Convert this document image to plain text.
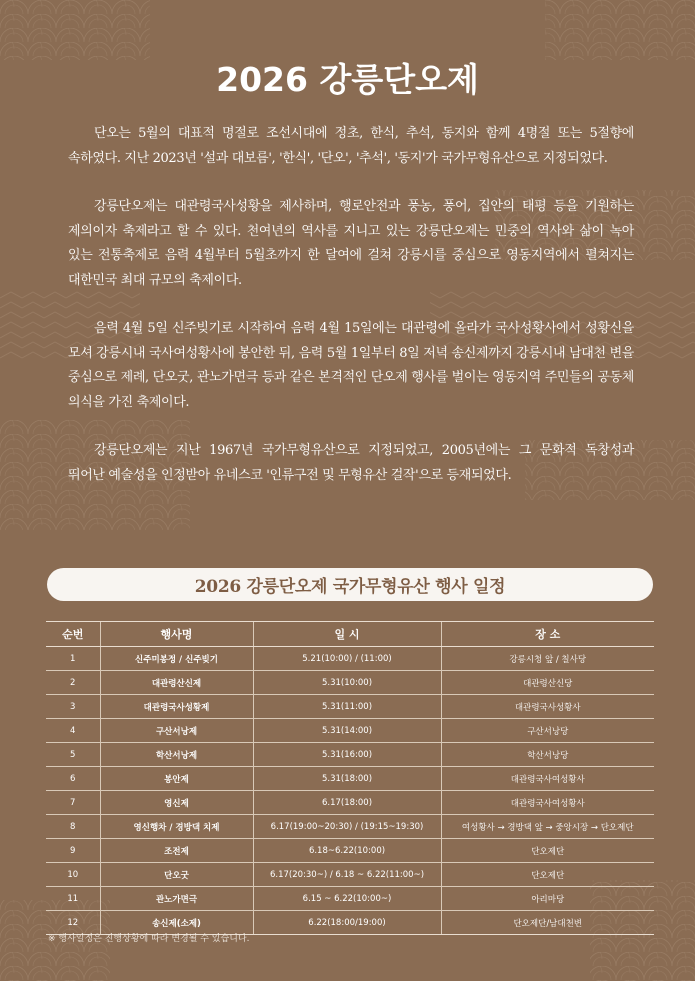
2026 강릉단오제

단오는 5월의 대표적 명절로 조선시대에 정초, 한식, 추석, 동지와 함께 4명절 또는 5절향에 속하였다. 지난 2023년 '설과 대보름', '한식', '단오', '추석', '동지'가 국가무형유산으로 지정되었다.

강릉단오제는 대관령국사성황을 제사하며, 행로안전과 풍농, 풍어, 집안의 태평 등을 기원하는 제의이자 축제라고 할 수 있다. 천여년의 역사를 지니고 있는 강릉단오제는 민중의 역사와 삶이 녹아 있는 전통축제로 음력 4월부터 5월초까지 한 달여에 걸쳐 강릉시를 중심으로 영동지역에서 펼쳐지는 대한민국 최대 규모의 축제이다.

음력 4월 5일 신주빚기로 시작하여 음력 4월 15일에는 대관령에 올라가 국사성황사에서 성황신을 모셔 강릉시내 국사여성황사에 봉안한 뒤, 음력 5월 1일부터 8일 저녁 송신제까지 강릉시내 남대천 변을 중심으로 제례, 단오굿, 관노가면극 등과 같은 본격적인 단오제 행사를 벌이는 영동지역 주민들의 공동체 의식을 가진 축제이다.

강릉단오제는 지난 1967년 국가무형유산으로 지정되었고, 2005년에는 그 문화적 독창성과 뛰어난 예술성을 인정받아 유네스코 '인류구전 및 무형유산 걸작'으로 등재되었다.

2026 강릉단오제 국가무형유산 행사 일정
순번	행사명	일 시	장 소
1	신주미봉정 / 신주빚기	5.21(10:00) / (11:00)	강릉시청 앞 / 칠사당
2	대관령산신제	5.31(10:00)	대관령산신당
3	대관령국사성황제	5.31(11:00)	대관령국사성황사
4	구산서낭제	5.31(14:00)	구산서낭당
5	학산서낭제	5.31(16:00)	학산서낭당
6	봉안제	5.31(18:00)	대관령국사여성황사
7	영신제	6.17(18:00)	대관령국사여성황사
8	영신행차 / 경방댁 치제	6.17(19:00~20:30) / (19:15~19:30)	여성황사 → 경방댁 앞 → 중앙시장 → 단오제단
9	조전제	6.18~6.22(10:00)	단오제단
10	단오굿	6.17(20:30~) / 6.18 ~ 6.22(11:00~)	단오제단
11	관노가면극	6.15 ~ 6.22(10:00~)	아리마당
12	송신제(소제)	6.22(18:00/19:00)	단오제단/남대천변

※ 행사일정은 진행상황에 따라 변경될 수 있습니다.
